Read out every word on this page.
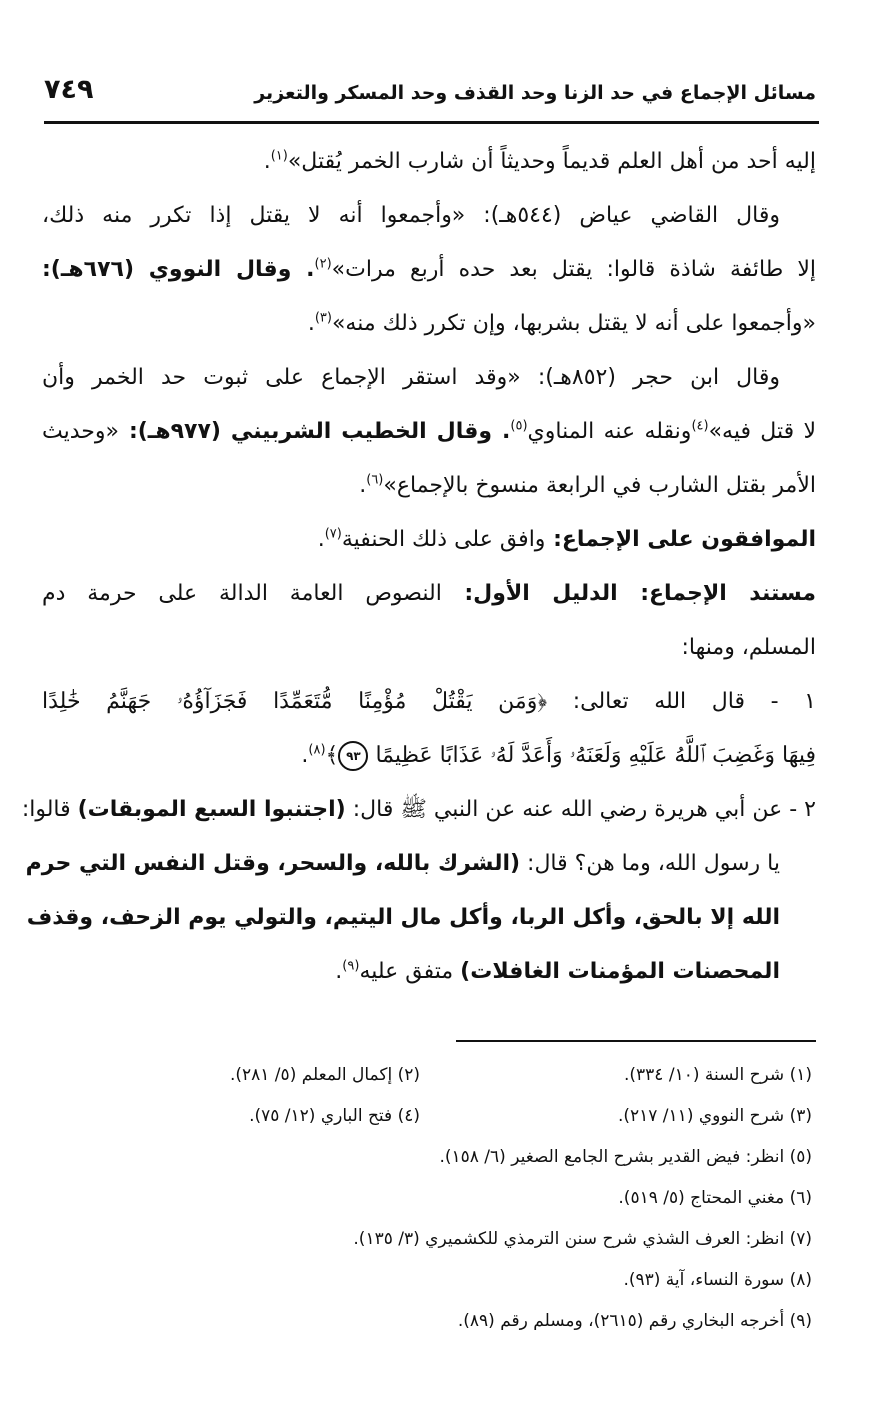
مسائل الإجماع في حد الزنا وحد القذف وحد المسكر والتعزير
٧٤٩
إليه أحد من أهل العلم قديماً وحديثاً أن شارب الخمر يُقتل»$^{(١)}$.
وقال القاضي عياض (٥٤٤هـ): «وأجمعوا أنه لا يقتل إذا تكرر منه ذلك،
إلا طائفة شاذة قالوا: يقتل بعد حده أربع مرات»$^{(٢)}$. وقال النووي (٦٧٦هـ):
«وأجمعوا على أنه لا يقتل بشربها، وإن تكرر ذلك منه»$^{(٣)}$.
وقال ابن حجر (٨٥٢هـ): «وقد استقر الإجماع على ثبوت حد الخمر وأن
لا قتل فيه»$^{(٤)}$ونقله عنه المناوي$^{(٥)}$. وقال الخطيب الشربيني (٩٧٧هـ): «وحديث
الأمر بقتل الشارب في الرابعة منسوخ بالإجماع»$^{(٦)}$.
الموافقون على الإجماع: وافق على ذلك الحنفية$^{(٧)}$.
مستند الإجماع: الدليل الأول: النصوص العامة الدالة على حرمة دم
المسلم، ومنها:
١ - قال الله تعالى: ﴿وَمَن يَقْتُلْ مُؤْمِنًا مُّتَعَمِّدًا فَجَزَآؤُهُۥ جَهَنَّمُ خَٰلِدًا
فِيهَا وَغَضِبَ ٱللَّهُ عَلَيْهِ وَلَعَنَهُۥ وَأَعَدَّ لَهُۥ عَذَابًا عَظِيمًا ٩٣﴾$^{(٨)}$.
٢ - عن أبي هريرة رضي الله عنه عن النبي ﷺ قال: (اجتنبوا السبع الموبقات) قالوا:
يا رسول الله، وما هن؟ قال: (الشرك بالله، والسحر، وقتل النفس التي حرم
الله إلا بالحق، وأكل الربا، وأكل مال اليتيم، والتولي يوم الزحف، وقذف
المحصنات المؤمنات الغافلات) متفق عليه$^{(٩)}$.
(١) شرح السنة (١٠/ ٣٣٤).
(٢) إكمال المعلم (٥/ ٢٨١).
(٣) شرح النووي (١١/ ٢١٧).
(٤) فتح الباري (١٢/ ٧٥).
(٥) انظر: فيض القدير بشرح الجامع الصغير (٦/ ١٥٨).
(٦) مغني المحتاج (٥/ ٥١٩).
(٧) انظر: العرف الشذي شرح سنن الترمذي للكشميري (٣/ ١٣٥).
(٨) سورة النساء، آية (٩٣).
(٩) أخرجه البخاري رقم (٢٦١٥)، ومسلم رقم (٨٩).
